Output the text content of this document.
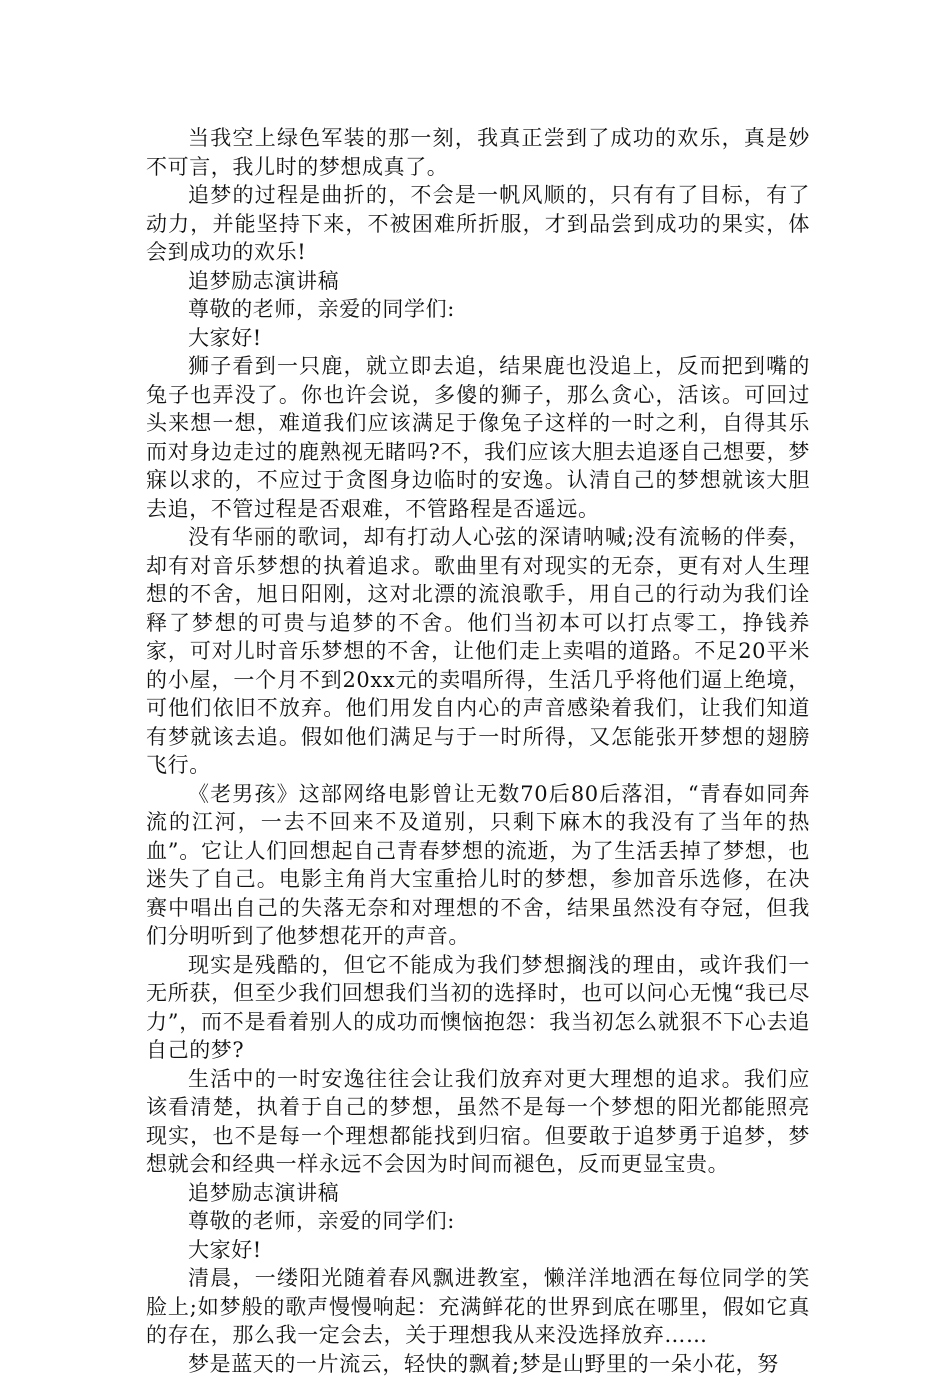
当我空上绿色军装的那一刻，我真正尝到了成功的欢乐，真是妙不可言，我儿时的梦想成真了。

追梦的过程是曲折的，不会是一帆风顺的，只有有了目标，有了动力，并能坚持下来，不被困难所折服，才到品尝到成功的果实，体会到成功的欢乐!

追梦励志演讲稿

尊敬的老师，亲爱的同学们:

大家好!

狮子看到一只鹿，就立即去追，结果鹿也没追上，反而把到嘴的兔子也弄没了。你也许会说，多傻的狮子，那么贪心，活该。可回过头来想一想，难道我们应该满足于像兔子这样的一时之利，自得其乐而对身边走过的鹿熟视无睹吗?不，我们应该大胆去追逐自己想要，梦寐以求的，不应过于贪图身边临时的安逸。认清自己的梦想就该大胆去追，不管过程是否艰难，不管路程是否遥远。

没有华丽的歌词，却有打动人心弦的深请呐喊;没有流畅的伴奏，却有对音乐梦想的执着追求。歌曲里有对现实的无奈，更有对人生理想的不舍，旭日阳刚，这对北漂的流浪歌手，用自己的行动为我们诠释了梦想的可贵与追梦的不舍。他们当初本可以打点零工，挣钱养家，可对儿时音乐梦想的不舍，让他们走上卖唱的道路。不足20平米的小屋，一个月不到20xx元的卖唱所得，生活几乎将他们逼上绝境，可他们依旧不放弃。他们用发自内心的声音感染着我们，让我们知道有梦就该去追。假如他们满足与于一时所得，又怎能张开梦想的翅膀飞行。

《老男孩》这部网络电影曾让无数70后80后落泪，“青春如同奔流的江河，一去不回来不及道别，只剩下麻木的我没有了当年的热血”。它让人们回想起自己青春梦想的流逝，为了生活丢掉了梦想，也迷失了自己。电影主角肖大宝重拾儿时的梦想，参加音乐选修，在决赛中唱出自己的失落无奈和对理想的不舍，结果虽然没有夺冠，但我们分明听到了他梦想花开的声音。

现实是残酷的，但它不能成为我们梦想搁浅的理由，或许我们一无所获，但至少我们回想我们当初的选择时，也可以问心无愧“我已尽力”，而不是看着别人的成功而懊恼抱怨：我当初怎么就狠不下心去追自己的梦?

生活中的一时安逸往往会让我们放弃对更大理想的追求。我们应该看清楚，执着于自己的梦想，虽然不是每一个梦想的阳光都能照亮现实，也不是每一个理想都能找到归宿。但要敢于追梦勇于追梦，梦想就会和经典一样永远不会因为时间而褪色，反而更显宝贵。

追梦励志演讲稿

尊敬的老师，亲爱的同学们:

大家好!

清晨，一缕阳光随着春风飘进教室，懒洋洋地洒在每位同学的笑脸上;如梦般的歌声慢慢响起：充满鲜花的世界到底在哪里，假如它真的存在，那么我一定会去，关于理想我从来没选择放弃……

梦是蓝天的一片流云，轻快的飘着;梦是山野里的一朵小花，努
